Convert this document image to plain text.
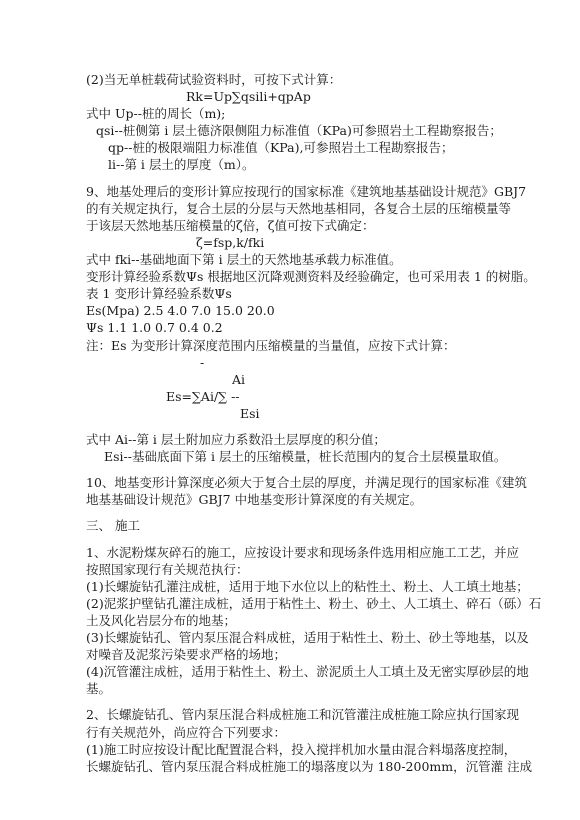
(2)当无单桩载荷试验资料时，可按下式计算：
Rk=Up∑qsili+qpAp
式中 Up--桩的周长（m);
qsi--桩侧第 i 层土德济限侧阻力标准值（KPa)可参照岩土工程勘察报告；
qp--桩的极限端阻力标准值（KPa),可参照岩土工程勘察报告；
li--第 i 层土的厚度（m）。
9、地基处理后的变形计算应按现行的国家标准《建筑地基基础设计规范》GBJ7
的有关规定执行，复合土层的分层与天然地基相同，各复合土层的压缩模量等
于该层天然地基压缩模量的ζ倍，ζ值可按下式确定：
ζ=fsp,k/fki
式中 fki--基础地面下第 i 层土的天然地基承载力标准值。
变形计算经验系数Ψs 根据地区沉降观测资料及经验确定，也可采用表 1 的树脂。
表 1 变形计算经验系数Ψs
Es(Mpa) 2.5 4.0 7.0 15.0 20.0
Ψs 1.1 1.0 0.7 0.4 0.2
注：Es 为变形计算深度范围内压缩模量的当量值，应按下式计算：
-
Ai
Es=∑Ai/∑ --
Esi
式中 Ai--第 i 层土附加应力系数沿土层厚度的积分值；
Esi--基础底面下第 i 层土的压缩模量，桩长范围内的复合土层模量取值。
10、地基变形计算深度必须大于复合土层的厚度，并满足现行的国家标准《建筑
地基基础设计规范》GBJ7 中地基变形计算深度的有关规定。
三、 施工
1、水泥粉煤灰碎石的施工，应按设计要求和现场条件选用相应施工工艺，并应
按照国家现行有关规范执行：
(1)长螺旋钻孔灌注成桩，适用于地下水位以上的粘性土、粉土、人工填土地基；
(2)泥浆护壁钻孔灌注成桩，适用于粘性土、粉土、砂土、人工填土、碎石（砾）石
土及风化岩层分布的地基；
(3)长螺旋钻孔、管内泵压混合料成桩，适用于粘性土、粉土、砂土等地基，以及
对噪音及泥浆污染要求严格的场地；
(4)沉管灌注成桩，适用于粘性土、粉土、淤泥质土人工填土及无密实厚砂层的地
基。
2、长螺旋钻孔、管内泵压混合料成桩施工和沉管灌注成桩施工除应执行国家现
行有关规范外，尚应符合下列要求：
(1)施工时应按设计配比配置混合料，投入搅拌机加水量由混合料塌落度控制，
长螺旋钻孔、管内泵压混合料成桩施工的塌落度以为 180-200mm，沉管灌 注成
